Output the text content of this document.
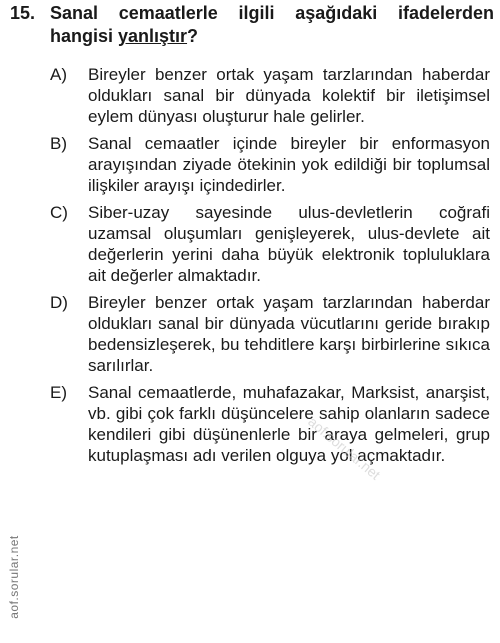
15. Sanal cemaatlerle ilgili aşağıdaki ifadelerden hangisi yanlıştır?
A)	Bireyler benzer ortak yaşam tarzlarından haberdar oldukları sanal bir dünyada kolektif bir iletişimsel eylem dünyası oluşturur hale gelirler.
B)	Sanal cemaatler içinde bireyler bir enformasyon arayışından ziyade ötekinin yok edildiği bir toplumsal ilişkiler arayışı içindedirler.
C)	Siber-uzay sayesinde ulus-devletlerin coğrafi uzamsal oluşumları genişleyerek, ulus-devlete ait değerlerin yerini daha büyük elektronik topluluklara ait değerler almaktadır.
D)	Bireyler benzer ortak yaşam tarzlarından haberdar oldukları sanal bir dünyada vücutlarını geride bırakıp bedensizleşerek, bu tehditlere karşı birbirlerine sıkıca sarılırlar.
E)	Sanal cemaatlerde, muhafazakar, Marksist, anarşist, vb. gibi çok farklı düşüncelere sahip olanların sadece kendileri gibi düşünenlerle bir araya gelmeleri, grup kutuplaşması adı verilen olguya yol açmaktadır.
aof.sorular.net
aof.sorular.net
